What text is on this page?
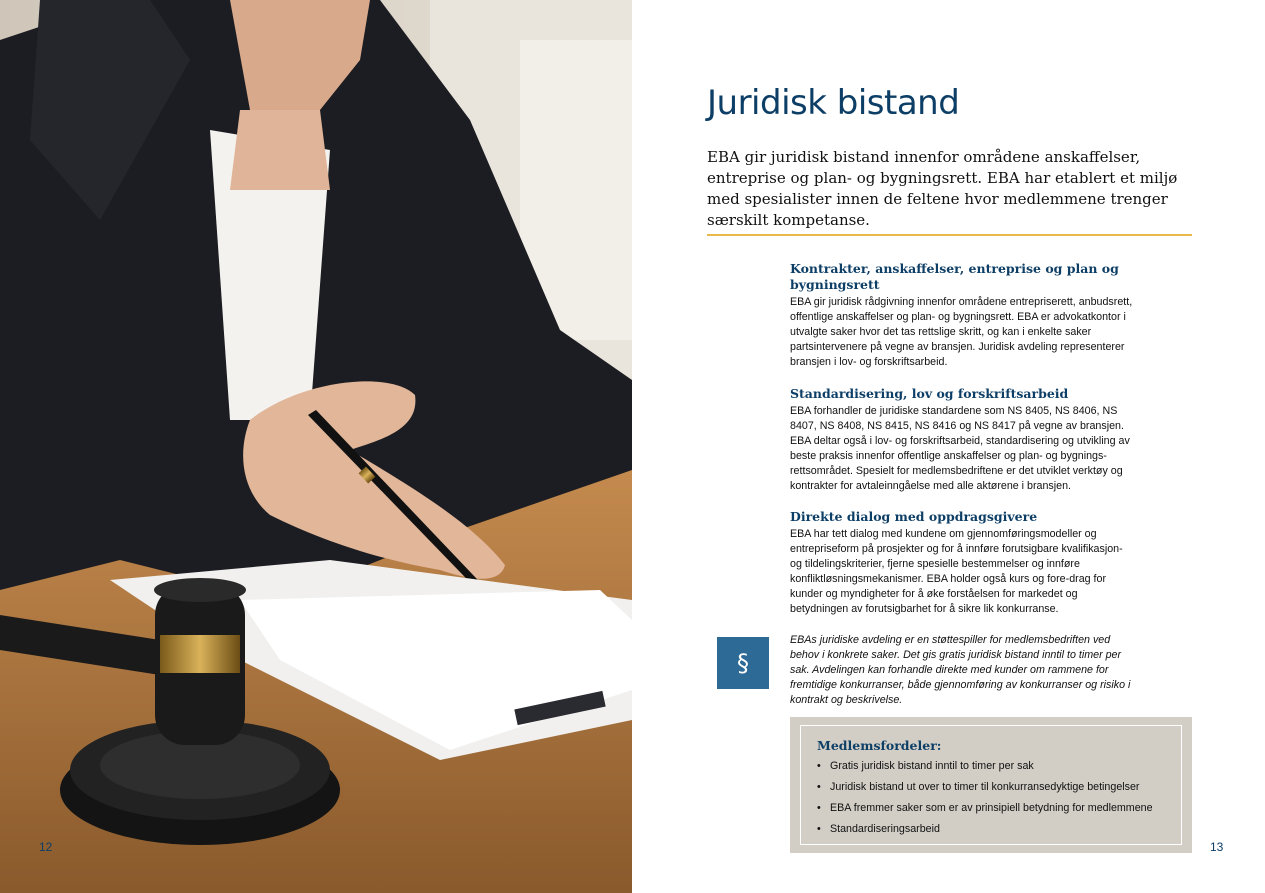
12	13
Juridisk bistand

EBA gir juridisk bistand innenfor områdene anskaffelser, entreprise og plan- og bygningsrett. EBA har etablert et miljø med spesialister innen de feltene hvor medlemmene trenger særskilt kompetanse.

Kontrakter, anskaffelser, entreprise og plan og bygningsrett

EBA gir juridisk rådgivning innenfor områdene entrepriserett, anbudsrett, offentlige anskaffelser og plan- og bygningsrett. EBA er advokatkontor i utvalgte saker hvor det tas rettslige skritt, og kan i enkelte saker partsintervenere på vegne av bransjen. Juridisk avdeling representerer bransjen i lov- og forskriftsarbeid.

Standardisering, lov og forskriftsarbeid

EBA forhandler de juridiske standardene som NS 8405, NS 8406, NS 8407, NS 8408, NS 8415, NS 8416 og NS 8417 på vegne av bransjen. EBA deltar også i lov- og forskriftsarbeid, standardisering og utvikling av beste praksis innenfor offentlige anskaffelser og plan- og bygnings-rettsområdet. Spesielt for medlemsbedriftene er det utviklet verktøy og kontrakter for avtaleinngåelse med alle aktørene i bransjen.

Direkte dialog med oppdragsgivere

EBA har tett dialog med kundene om gjennomføringsmodeller og entrepriseform på prosjekter og for å innføre forutsigbare kvalifikasjon- og tildelingskriterier, fjerne spesielle bestemmelser og innføre konfliktløsningsmekanismer. EBA holder også kurs og fore-drag for kunder og myndigheter for å øke forståelsen for markedet og betydningen av forutsigbarhet for å sikre lik konkurranse.

§

EBAs juridiske avdeling er en støttespiller for medlemsbedriften ved behov i konkrete saker. Det gis gratis juridisk bistand inntil to timer per sak. Avdelingen kan forhandle direkte med kunder om rammene for fremtidige konkurranser, både gjennomføring av konkurranser og risiko i kontrakt og beskrivelse.

Medlemsfordeler:
• Gratis juridisk bistand inntil to timer per sak
• Juridisk bistand ut over to timer til konkurransedyktige betingelser
• EBA fremmer saker som er av prinsipiell betydning for medlemmene
• Standardiseringsarbeid
